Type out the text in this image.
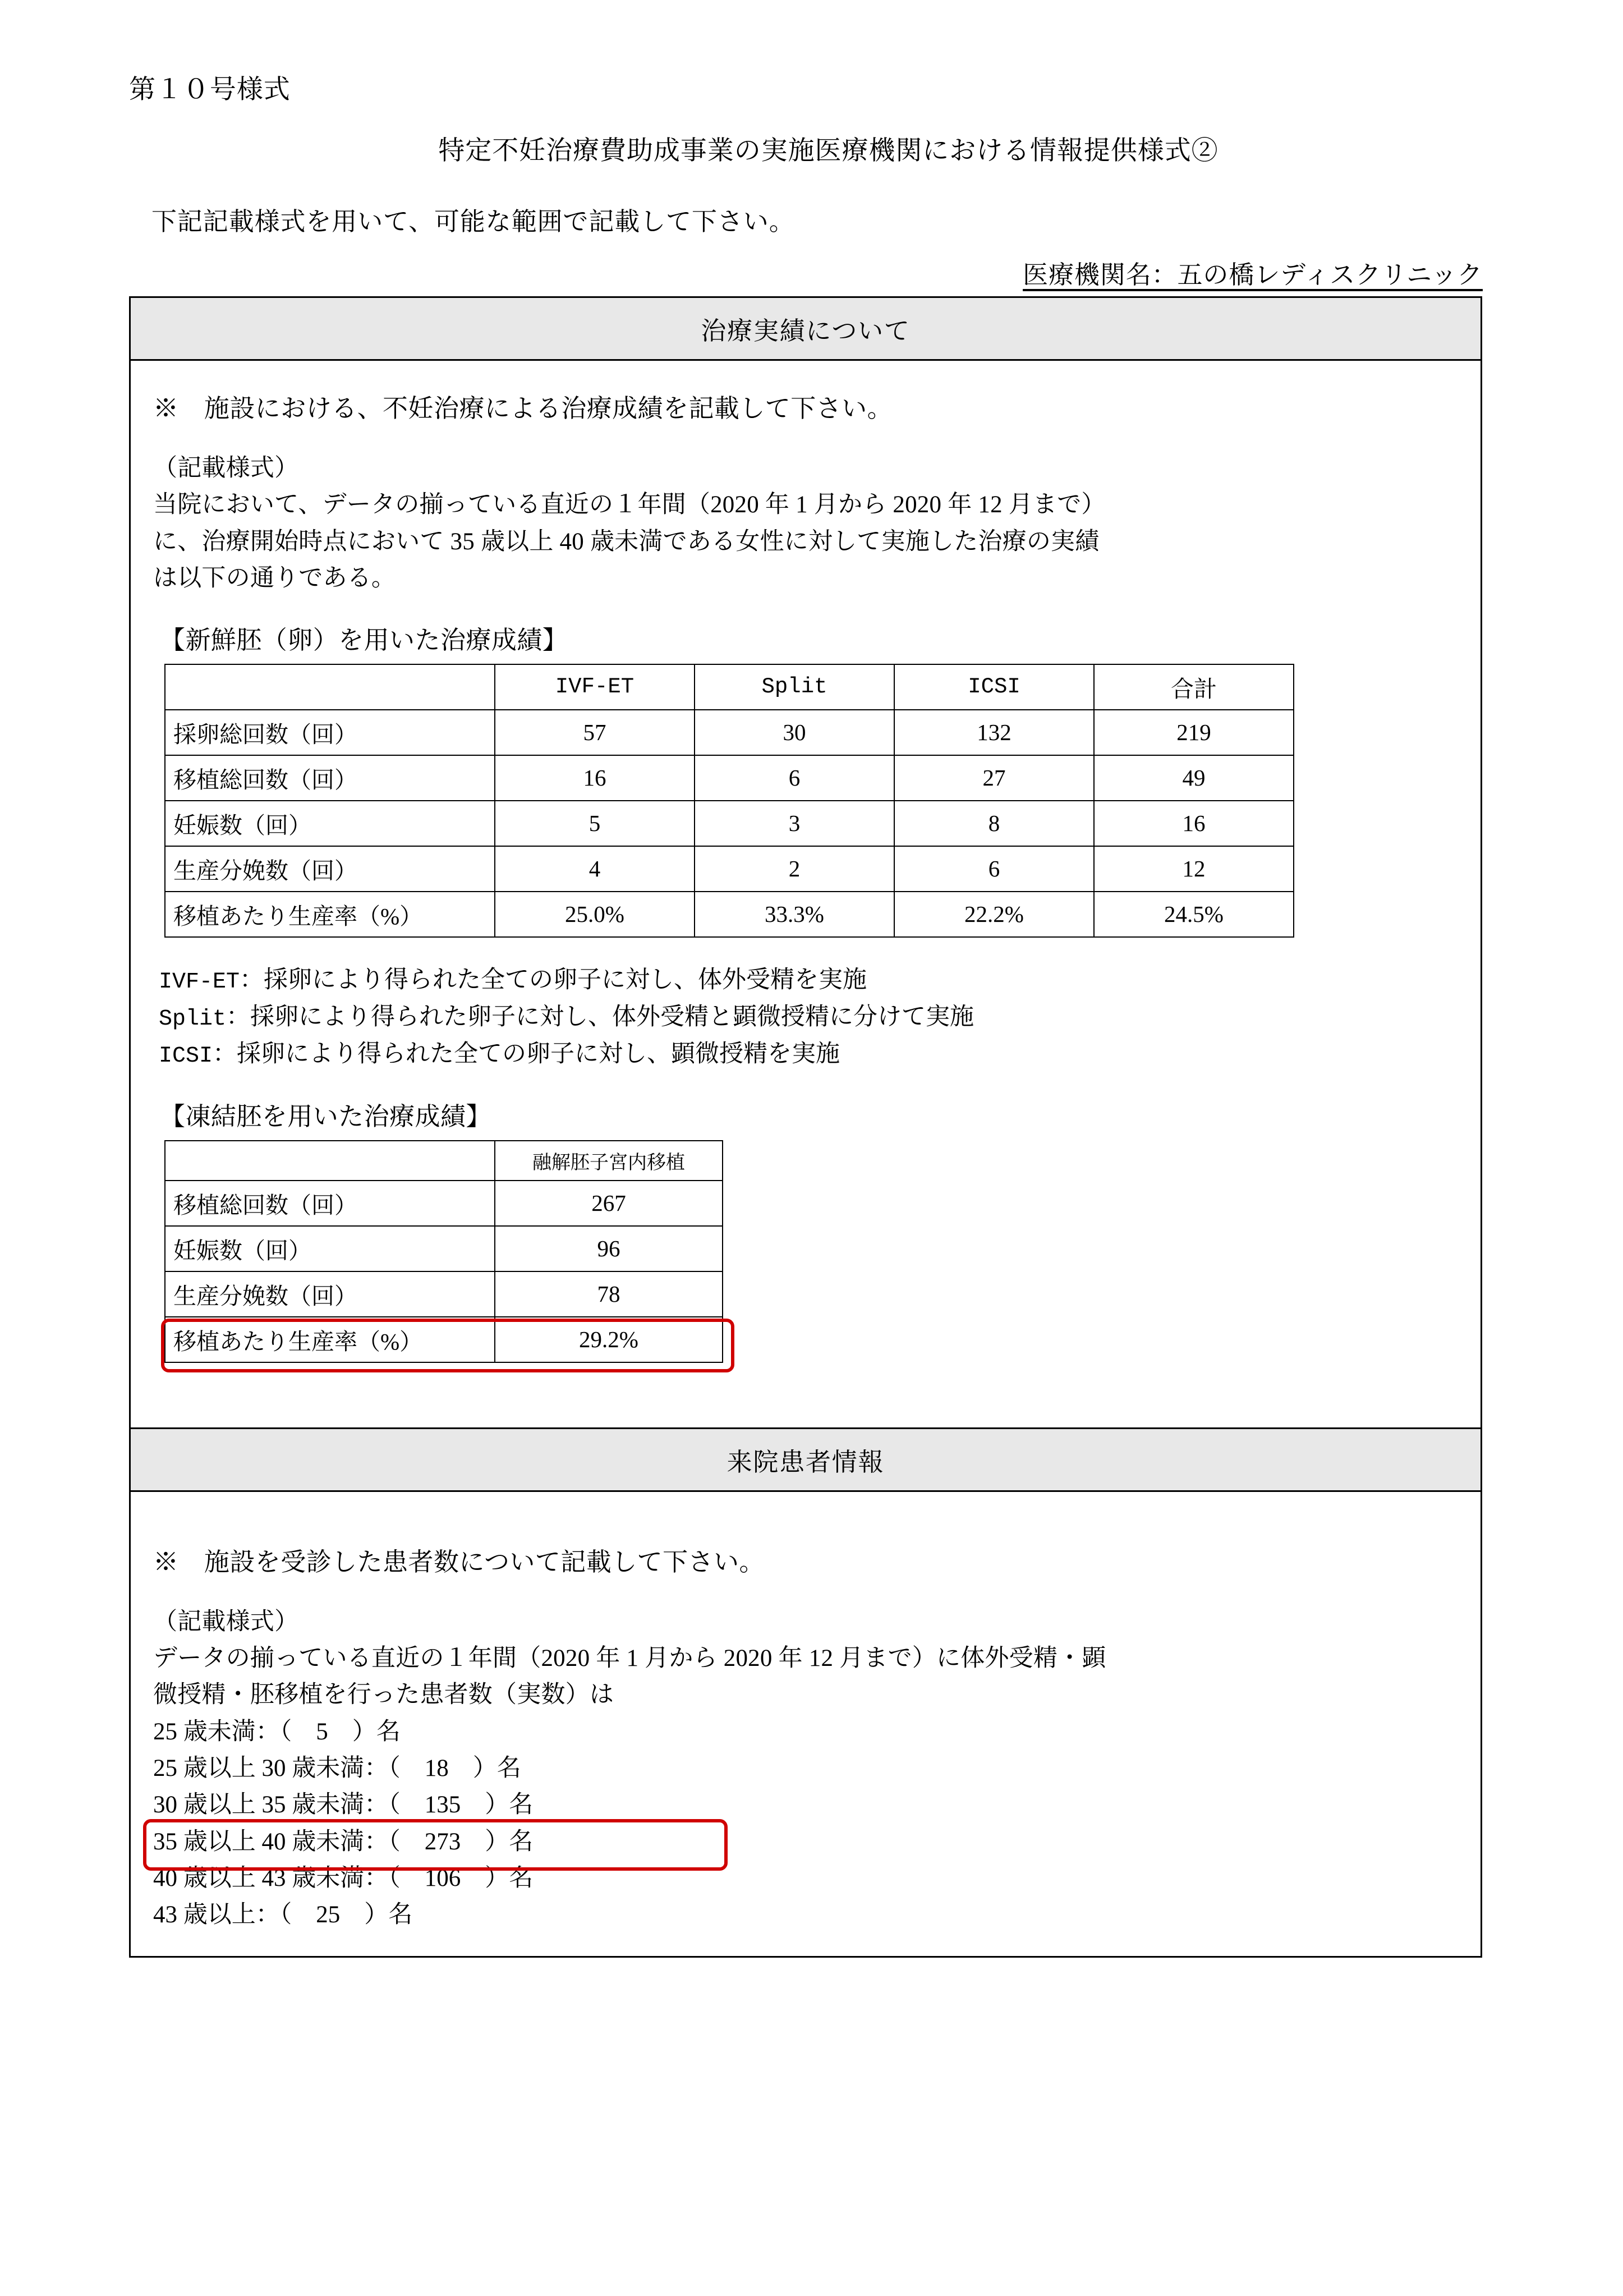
第１０号様式
特定不妊治療費助成事業の実施医療機関における情報提供様式②
下記記載様式を用いて、可能な範囲で記載して下さい。
医療機関名：五の橋レディスクリニック
治療実績について
※　施設における、不妊治療による治療成績を記載して下さい。
（記載様式）
当院において、データの揃っている直近の１年間（2020 年 1 月から 2020 年 12 月まで）
に、治療開始時点において 35 歳以上 40 歳未満である女性に対して実施した治療の実績
は以下の通りである。
【新鮮胚（卵）を用いた治療成績】
	IVF-ET	Split	ICSI	合計
採卵総回数（回）	57	30	132	219
移植総回数（回）	16	6	27	49
妊娠数（回）	5	3	8	16
生産分娩数（回）	4	2	6	12
移植あたり生産率（%）	25.0%	33.3%	22.2%	24.5%
IVF-ET：採卵により得られた全ての卵子に対し、体外受精を実施
Split：採卵により得られた卵子に対し、体外受精と顕微授精に分けて実施
ICSI：採卵により得られた全ての卵子に対し、顕微授精を実施
【凍結胚を用いた治療成績】
	融解胚子宮内移植
移植総回数（回）	267
妊娠数（回）	96
生産分娩数（回）	78
移植あたり生産率（%）	29.2%
来院患者情報
※　施設を受診した患者数について記載して下さい。
（記載様式）
データの揃っている直近の１年間（2020 年 1 月から 2020 年 12 月まで）に体外受精・顕
微授精・胚移植を行った患者数（実数）は
25 歳未満：（　5　）名
25 歳以上 30 歳未満：（　18　）名
30 歳以上 35 歳未満：（　135　）名
35 歳以上 40 歳未満：（　273　）名
40 歳以上 43 歳未満：（　106　）名
43 歳以上：（　25　）名
